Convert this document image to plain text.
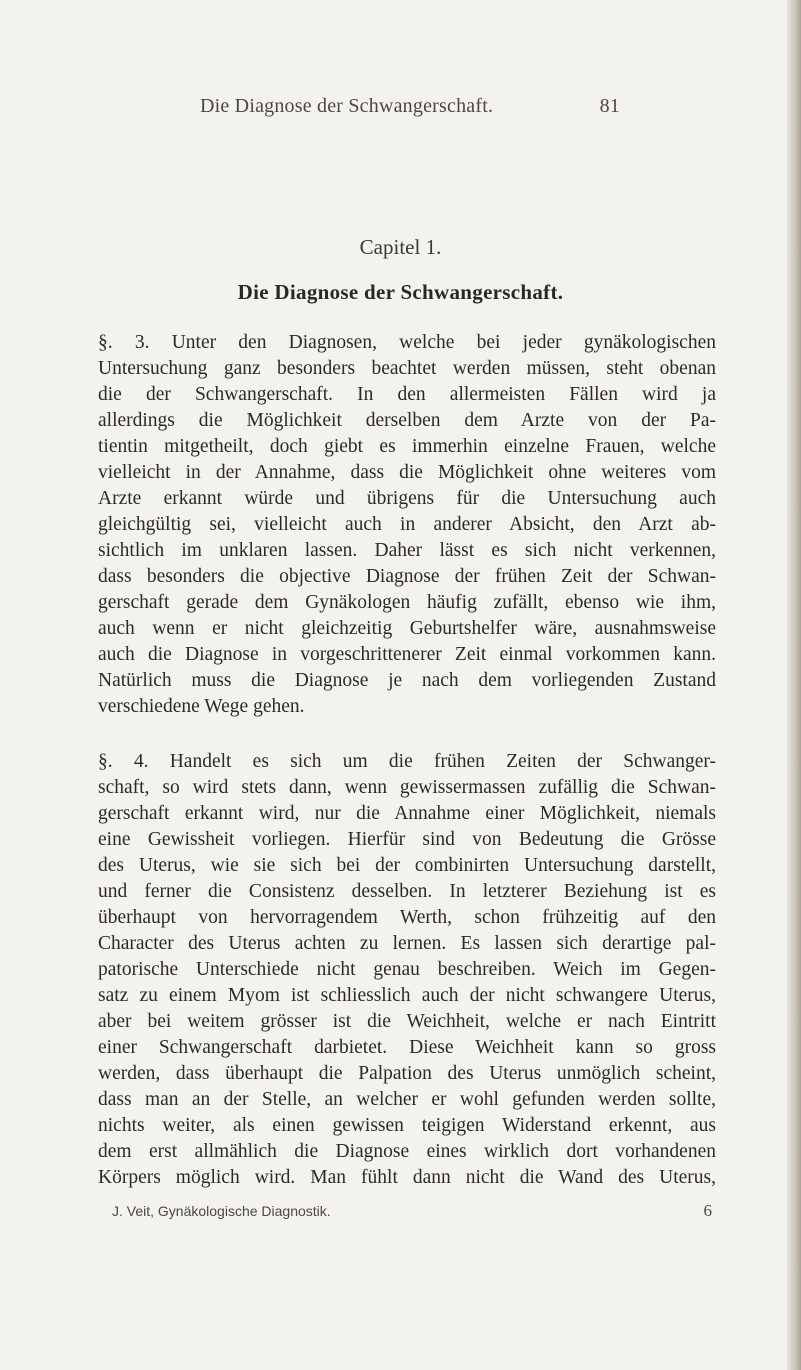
Die Diagnose der Schwangerschaft.	81
Capitel 1.
Die Diagnose der Schwangerschaft.
§. 3. Unter den Diagnosen, welche bei jeder gynäkologischen
Untersuchung ganz besonders beachtet werden müssen, steht obenan
die der Schwangerschaft. In den allermeisten Fällen wird ja
allerdings die Möglichkeit derselben dem Arzte von der Pa-
tientin mitgetheilt, doch giebt es immerhin einzelne Frauen, welche
vielleicht in der Annahme, dass die Möglichkeit ohne weiteres vom
Arzte erkannt würde und übrigens für die Untersuchung auch
gleichgültig sei, vielleicht auch in anderer Absicht, den Arzt ab-
sichtlich im unklaren lassen. Daher lässt es sich nicht verkennen,
dass besonders die objective Diagnose der frühen Zeit der Schwan-
gerschaft gerade dem Gynäkologen häufig zufällt, ebenso wie ihm,
auch wenn er nicht gleichzeitig Geburtshelfer wäre, ausnahmsweise
auch die Diagnose in vorgeschrittenerer Zeit einmal vorkommen kann.
Natürlich muss die Diagnose je nach dem vorliegenden Zustand
verschiedene Wege gehen.
§. 4. Handelt es sich um die frühen Zeiten der Schwanger-
schaft, so wird stets dann, wenn gewissermassen zufällig die Schwan-
gerschaft erkannt wird, nur die Annahme einer Möglichkeit, niemals
eine Gewissheit vorliegen. Hierfür sind von Bedeutung die Grösse
des Uterus, wie sie sich bei der combinirten Untersuchung darstellt,
und ferner die Consistenz desselben. In letzterer Beziehung ist es
überhaupt von hervorragendem Werth, schon frühzeitig auf den
Character des Uterus achten zu lernen. Es lassen sich derartige pal-
patorische Unterschiede nicht genau beschreiben. Weich im Gegen-
satz zu einem Myom ist schliesslich auch der nicht schwangere Uterus,
aber bei weitem grösser ist die Weichheit, welche er nach Eintritt
einer Schwangerschaft darbietet. Diese Weichheit kann so gross
werden, dass überhaupt die Palpation des Uterus unmöglich scheint,
dass man an der Stelle, an welcher er wohl gefunden werden sollte,
nichts weiter, als einen gewissen teigigen Widerstand erkennt, aus
dem erst allmählich die Diagnose eines wirklich dort vorhandenen
Körpers möglich wird. Man fühlt dann nicht die Wand des Uterus,
J. Veit, Gynäkologische Diagnostik.	6
